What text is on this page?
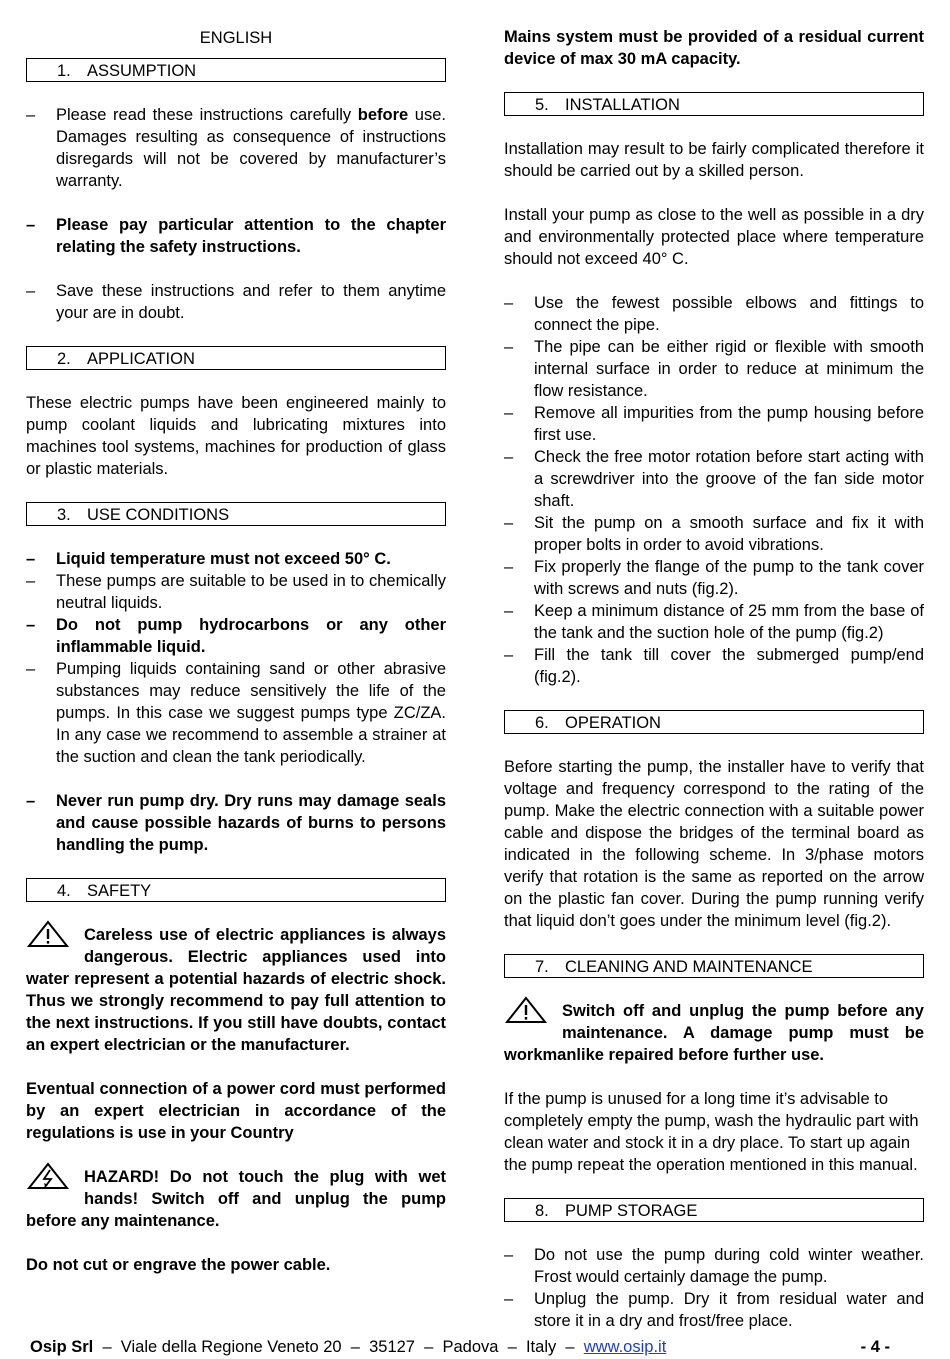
ENGLISH
1. ASSUMPTION
– Please read these instructions carefully before use. Damages resulting as consequence of instructions disregards will not be covered by manufacturer’s warranty.
– Please pay particular attention to the chapter relating the safety instructions.
– Save these instructions and refer to them anytime your are in doubt.
2. APPLICATION

These electric pumps have been engineered mainly to pump coolant liquids and lubricating mixtures into machines tool systems, machines for production of glass or plastic materials.

3. USE CONDITIONS
– Liquid temperature must not exceed 50° C.
– These pumps are suitable to be used in to chemically neutral liquids.
– Do not pump hydrocarbons or any other inflammable liquid.
– Pumping liquids containing sand or other abrasive substances may reduce sensitively the life of the pumps. In this case we suggest pumps type ZC/ZA. In any case we recommend to assemble a strainer at the suction and clean the tank periodically.
– Never run pump dry. Dry runs may damage seals and cause possible hazards of burns to persons handling the pump.
4. SAFETY

Careless use of electric appliances is always dangerous. Electric appliances used into water represent a potential hazards of electric shock. Thus we strongly recommend to pay full attention to the next instructions. If you still have doubts, contact an expert electrician or the manufacturer.

Eventual connection of a power cord must performed by an expert electrician in accordance of the regulations is use in your Country

HAZARD! Do not touch the plug with wet hands! Switch off and unplug the pump before any maintenance.

Do not cut or engrave the power cable.

Mains system must be provided of a residual current device of max 30 mA capacity.

5. INSTALLATION

Installation may result to be fairly complicated therefore it should be carried out by a skilled person.

Install your pump as close to the well as possible in a dry and environmentally protected place where temperature should not exceed 40° C.

– Use the fewest possible elbows and fittings to connect the pipe.
– The pipe can be either rigid or flexible with smooth internal surface in order to reduce at minimum the flow resistance.
– Remove all impurities from the pump housing before first use.
– Check the free motor rotation before start acting with a screwdriver into the groove of the fan side motor shaft.
– Sit the pump on a smooth surface and fix it with proper bolts in order to avoid vibrations.
– Fix properly the flange of the pump to the tank cover with screws and nuts (fig.2).
– Keep a minimum distance of 25 mm from the base of the tank and the suction hole of the pump (fig.2)
– Fill the tank till cover the submerged pump/end (fig.2).
6. OPERATION

Before starting the pump, the installer have to verify that voltage and frequency correspond to the rating of the pump. Make the electric connection with a suitable power cable and dispose the bridges of the terminal board as indicated in the following scheme. In 3/phase motors verify that rotation is the same as reported on the arrow on the plastic fan cover. During the pump running verify that liquid don’t goes under the minimum level (fig.2).

7. CLEANING AND MAINTENANCE

Switch off and unplug the pump before any maintenance. A damage pump must be workmanlike repaired before further use.

If the pump is unused for a long time it’s advisable to completely empty the pump, wash the hydraulic part with clean water and stock it in a dry place. To start up again the pump repeat the operation mentioned in this manual.

8. PUMP STORAGE
– Do not use the pump during cold winter weather. Frost would certainly damage the pump.
– Unplug the pump. Dry it from residual water and store it in a dry and frost/free place.
Osip Srl  –  Viale della Regione Veneto 20  –  35127  –  Padova  –  Italy  –  www.osip.it	- 4 -
